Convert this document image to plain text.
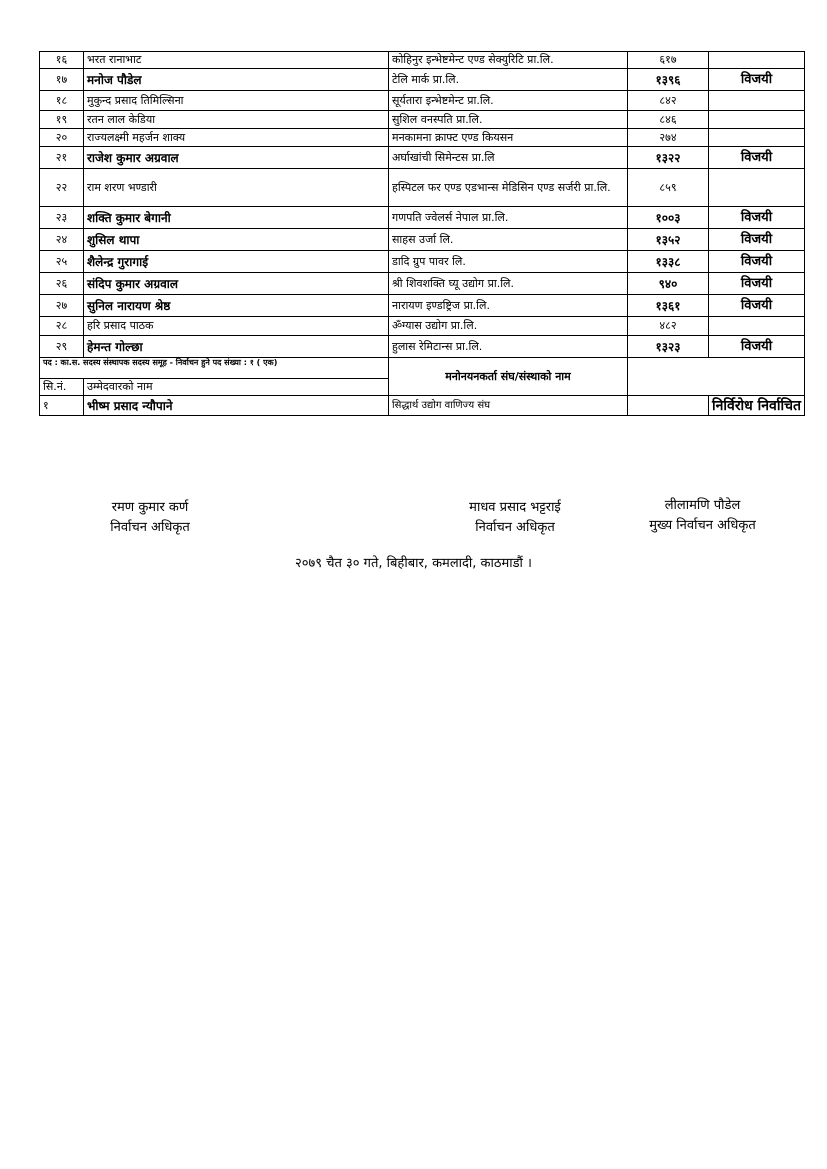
१६	भरत रानाभाट	कोहिनुर इन्भेष्टमेन्ट एण्ड सेक्युरिटि प्रा.लि.	६१७	
१७	मनोज पौडेल	टेलि मार्क प्रा.लि.	१३९६	विजयी
१८	मुकुन्द प्रसाद तिमिल्सिना	सूर्यतारा इन्भेष्टमेन्ट प्रा.लि.	८४२	
१९	रतन लाल केडिया	सुशिल वनस्पति प्रा.लि.	८४६	
२०	राज्यलक्ष्मी महर्जन शाक्य	मनकामना क्राफ्ट एण्ड कियसन	२७४	
२१	राजेश कुमार अग्रवाल	अर्घाखांची सिमेन्टस प्रा.लि	१३२२	विजयी
२२	राम शरण भण्डारी	हस्पिटल फर एण्ड एडभान्स मेडिसिन एण्ड सर्जरी प्रा.लि.	८५९	
२३	शक्ति कुमार बेगानी	गणपति ज्वेलर्स नेपाल प्रा.लि.	१००३	विजयी
२४	शुसिल थापा	साहस उर्जा लि.	१३५२	विजयी
२५	शैलेन्द्र गुरागाई	डादि ग्रुप पावर लि.	१३३८	विजयी
२६	संदिप कुमार अग्रवाल	श्री शिवशक्ति घ्यू उद्योग प्रा.लि.	९४०	विजयी
२७	सुनिल नारायण श्रेष्ठ	नारायण इण्डष्ट्रिज प्रा.लि.	१३६१	विजयी
२८	हरि प्रसाद पाठक	ॐग्यास उद्योग प्रा.लि.	४८२	
२९	हेमन्त गोल्छा	हुलास रेमिटान्स प्रा.लि.	१३२३	विजयी
पद : का.स. सदस्य संस्थापक सदस्य समूह - निर्वाचन हुने पद संख्या : १ ( एक)		मनोनयनकर्ता संघ/संस्थाको नाम		
सि.नं.	उम्मेदवारको नाम			
१	भीष्म प्रसाद न्यौपाने	सिद्धार्थ उद्योग वाणिज्य संघ		निर्विरोध निर्वाचित
रमण कुमार कर्ण
निर्वाचन अधिकृत
माधव प्रसाद भट्टराई
निर्वाचन अधिकृत
लीलामणि पौडेल
मुख्य निर्वाचन अधिकृत
२०७९ चैत ३० गते, बिहीबार, कमलादी, काठमाडौं ।
